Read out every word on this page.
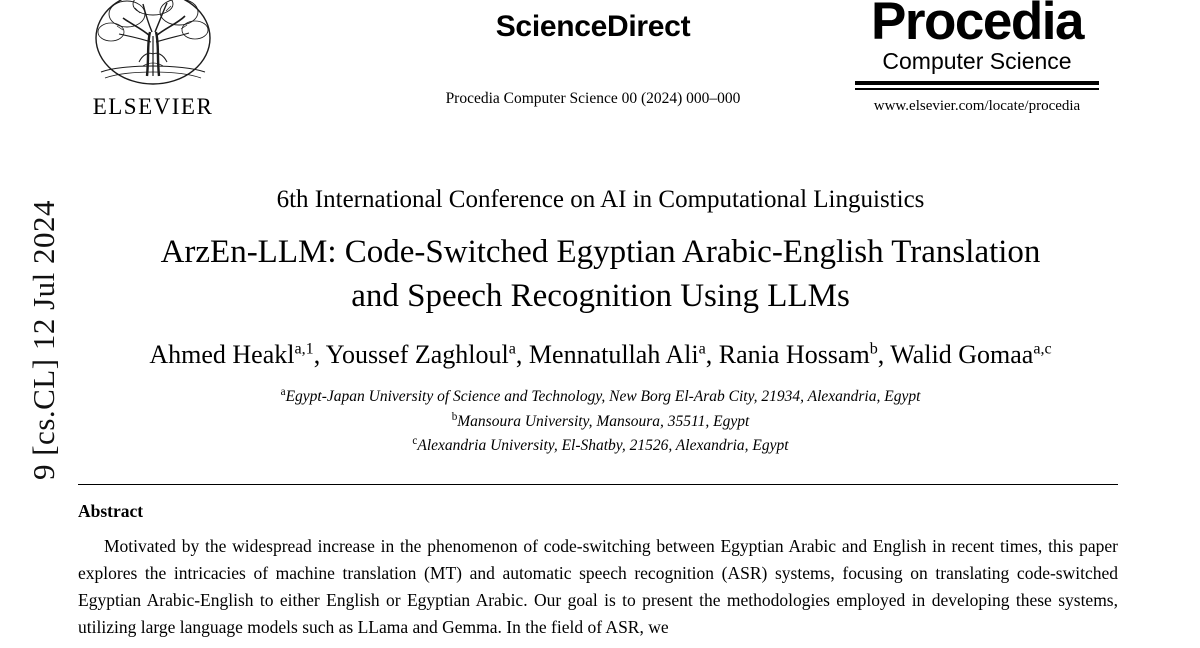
9 [cs.CL] 12 Jul 2024
ELSEVIER
ScienceDirect
Procedia Computer Science 00 (2024) 000–000
Procedia
Computer Science
www.elsevier.com/locate/procedia
6th International Conference on AI in Computational Linguistics
ArzEn-LLM: Code-Switched Egyptian Arabic-English Translation
and Speech Recognition Using LLMs
Ahmed Heakl$^{a,1}$, Youssef Zaghloul$^a$, Mennatullah Ali$^a$, Rania Hossam$^b$, Walid Gomaa$^{a,c}$
$^a$Egypt-Japan University of Science and Technology, New Borg El-Arab City, 21934, Alexandria, Egypt
$^b$Mansoura University, Mansoura, 35511, Egypt
$^c$Alexandria University, El-Shatby, 21526, Alexandria, Egypt
Abstract
Motivated by the widespread increase in the phenomenon of code-switching between Egyptian Arabic and English in recent times, this paper explores the intricacies of machine translation (MT) and automatic speech recognition (ASR) systems, focusing on translating code-switched Egyptian Arabic-English to either English or Egyptian Arabic. Our goal is to present the methodologies employed in developing these systems, utilizing large language models such as LLama and Gemma. In the field of ASR, we
